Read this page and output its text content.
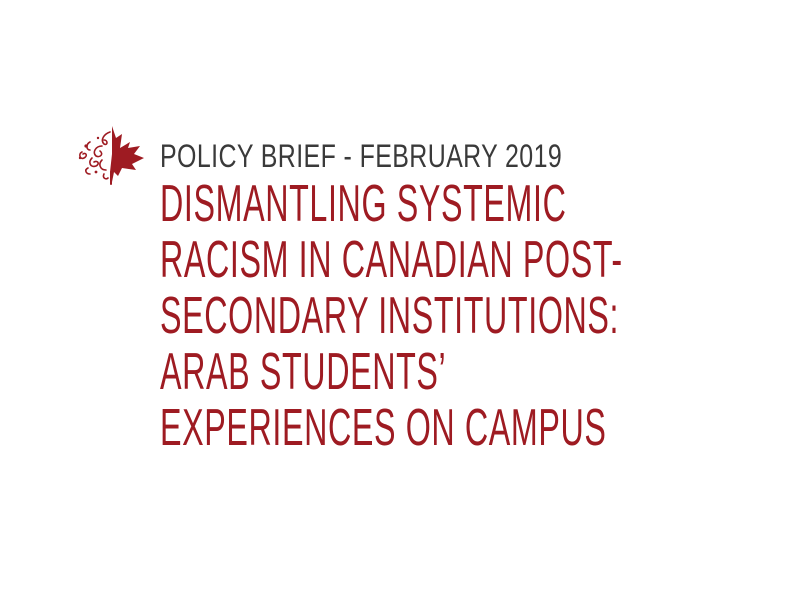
POLICY BRIEF - FEBRUARY 2019
DISMANTLING SYSTEMIC
RACISM IN CANADIAN POST-
SECONDARY INSTITUTIONS:
ARAB STUDENTS’
EXPERIENCES ON CAMPUS
